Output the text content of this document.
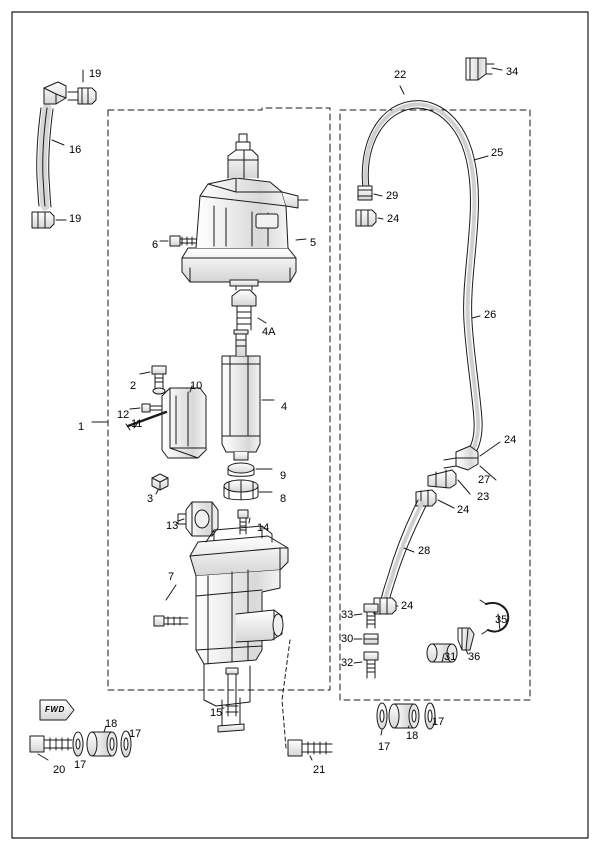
1
2
3
4
4A
5
6
7
8
9
10
11
12
13	14
15
16
17
17
17
17
18
18
19
19
20	21
22
23
24
24
24
24
25
26
27
28
29
30
31
32
33
34
35
36
FWD
